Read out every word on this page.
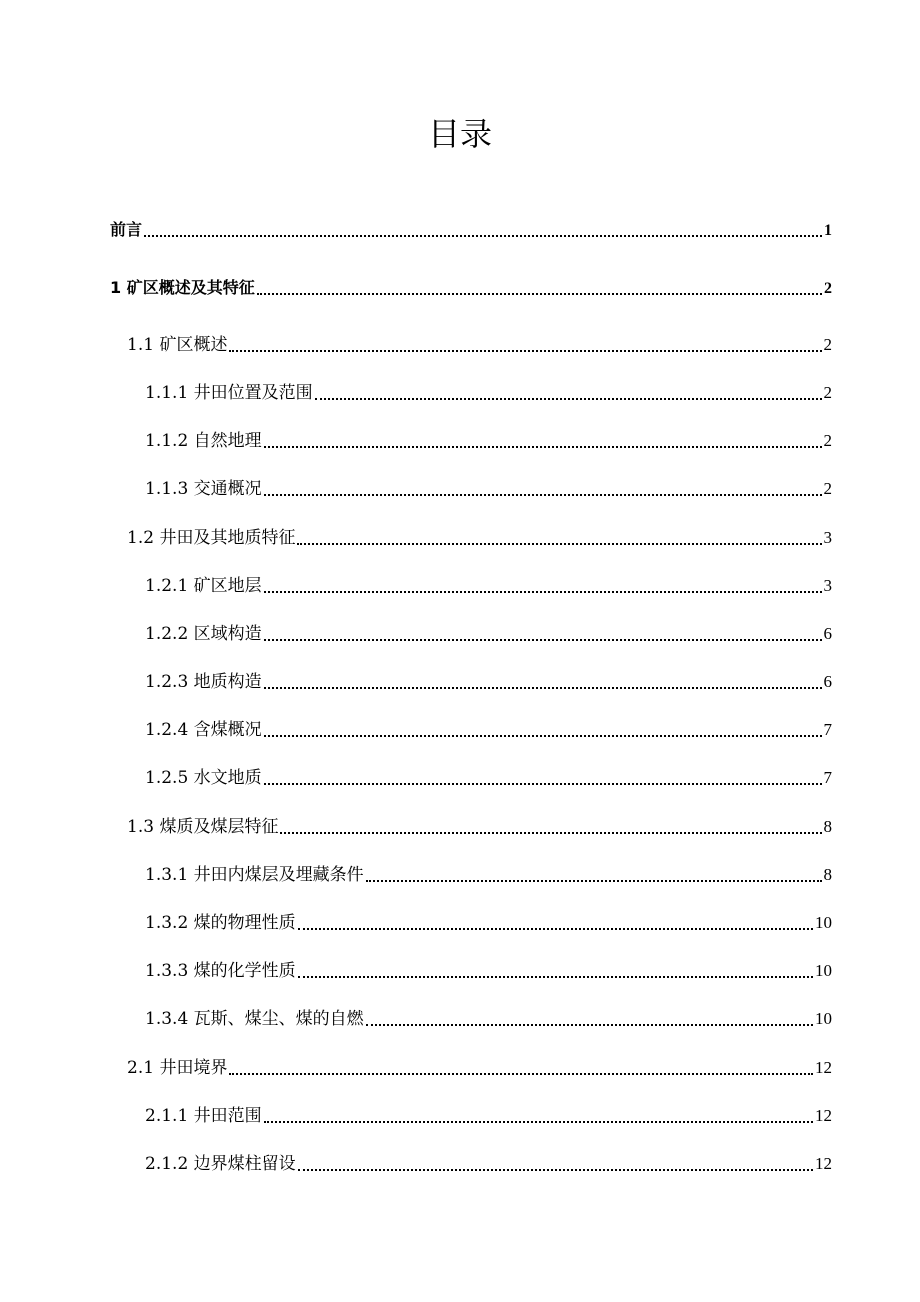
目录
前言	1
1 矿区概述及其特征	2
1.1 矿区概述	2
1.1.1 井田位置及范围	2
1.1.2 自然地理	2
1.1.3 交通概况	2
1.2 井田及其地质特征	3
1.2.1 矿区地层	3
1.2.2 区域构造	6
1.2.3 地质构造	6
1.2.4 含煤概况	7
1.2.5 水文地质	7
1.3 煤质及煤层特征	8
1.3.1 井田内煤层及埋藏条件	8
1.3.2 煤的物理性质	10
1.3.3 煤的化学性质	10
1.3.4 瓦斯、煤尘、煤的自燃	10
2.1 井田境界	12
2.1.1 井田范围	12
2.1.2 边界煤柱留设	12
